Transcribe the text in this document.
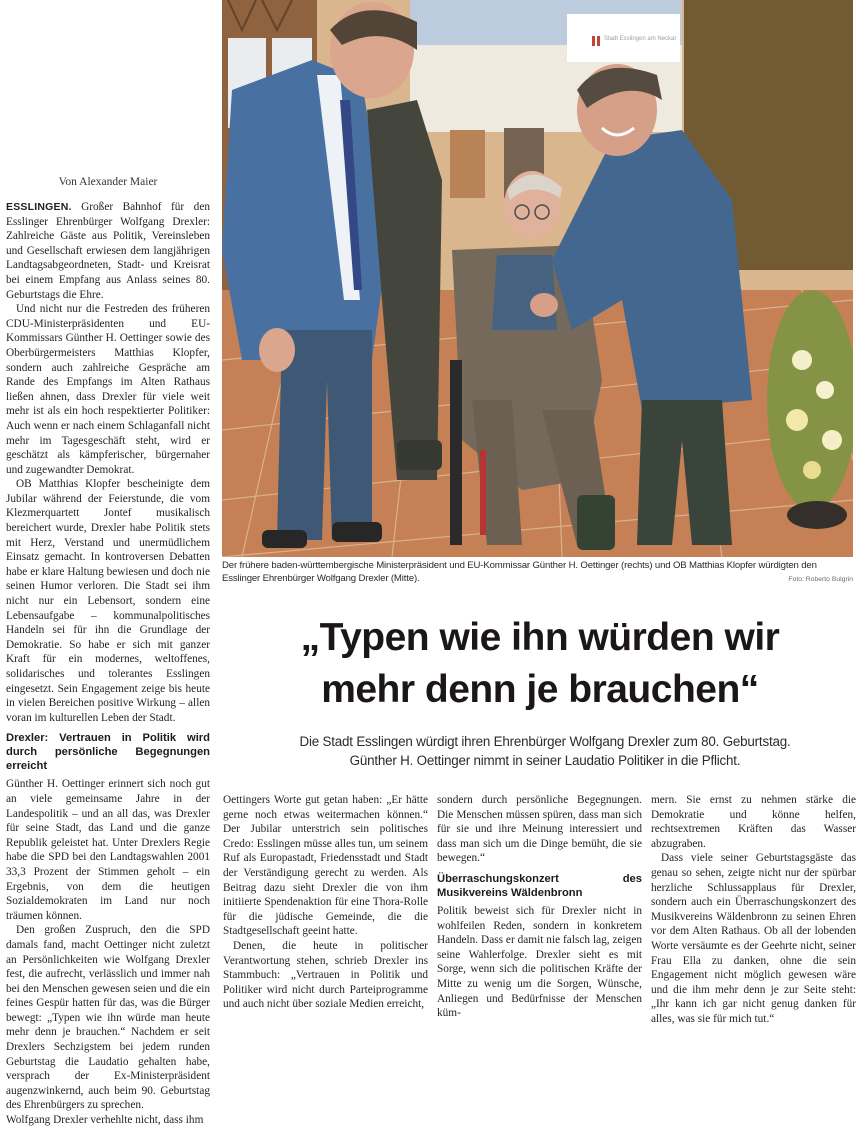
Von Alexander Maier

ESSLINGEN. Großer Bahnhof für den Esslinger Ehrenbürger Wolfgang Drexler: Zahlreiche Gäste aus Politik, Vereinsleben und Gesellschaft erwiesen dem langjährigen Landtagsabgeordneten, Stadt- und Kreisrat bei einem Empfang aus Anlass seines 80. Geburtstags die Ehre.

Und nicht nur die Festreden des früheren CDU-Ministerpräsidenten und EU-Kommissars Günther H. Oettinger sowie des Oberbürgermeisters Matthias Klopfer, sondern auch zahlreiche Gespräche am Rande des Empfangs im Alten Rathaus ließen ahnen, dass Drexler für viele weit mehr ist als ein hoch respektierter Politiker: Auch wenn er nach einem Schlaganfall nicht mehr im Tagesgeschäft steht, wird er geschätzt als kämpferischer, bürgernaher und zugewandter Demokrat.

OB Matthias Klopfer bescheinigte dem Jubilar während der Feierstunde, die vom Klezmerquartett Jontef musikalisch bereichert wurde, Drexler habe Politik stets mit Herz, Verstand und unermüdlichem Einsatz gemacht. In kontroversen Debatten habe er klare Haltung bewiesen und doch nie seinen Humor verloren. Die Stadt sei ihm nicht nur ein Lebensort, sondern eine Lebensaufgabe – kommunalpolitisches Handeln sei für ihn die Grundlage der Demokratie. So habe er sich mit ganzer Kraft für ein modernes, weltoffenes, solidarisches und tolerantes Esslingen eingesetzt. Sein Engagement zeige bis heute in vielen Bereichen positive Wirkung – allen voran im kulturellen Leben der Stadt.

Drexler: Vertrauen in Politik wird durch persönliche Begegnungen erreicht

Günther H. Oettinger erinnert sich noch gut an viele gemeinsame Jahre in der Landespolitik – und an all das, was Drexler für seine Stadt, das Land und die ganze Republik geleistet hat. Unter Drexlers Regie habe die SPD bei den Landtagswahlen 2001 33,3 Prozent der Stimmen geholt – ein Ergebnis, von dem die heutigen Sozialdemokraten im Land nur noch träumen können.

Den großen Zuspruch, den die SPD damals fand, macht Oettinger nicht zuletzt an Persönlichkeiten wie Wolfgang Drexler fest, die aufrecht, verlässlich und immer nah bei den Menschen gewesen seien und die ein feines Gespür hatten für das, was die Bürger bewegt: „Typen wie ihn würde man heute mehr denn je brauchen.“ Nachdem er seit Drexlers Sechzigstem bei jedem runden Geburtstag die Laudatio gehalten habe, versprach der Ex-Ministerpräsident augenzwinkernd, auch beim 90. Geburtstag des Ehrenbürgers zu sprechen.

Wolfgang Drexler verhehlte nicht, dass ihm

Stadt Esslingen am Neckar
Der frühere baden-württembergische Ministerpräsident und EU-Kommissar Günther H. Oettinger (rechts) und OB Matthias Klopfer würdigten den Esslinger Ehrenbürger Wolfgang Drexler (Mitte).	Foto: Roberto Bulgrin
„Typen wie ihn würden wir
mehr denn je brauchen“

Die Stadt Esslingen würdigt ihren Ehrenbürger Wolfgang Drexler zum 80. Geburtstag.
Günther H. Oettinger nimmt in seiner Laudatio Politiker in die Pflicht.

Oettingers Worte gut getan haben: „Er hätte gerne noch etwas weitermachen können.“ Der Jubilar unterstrich sein politisches Credo: Esslingen müsse alles tun, um seinem Ruf als Europastadt, Friedensstadt und Stadt der Verständigung gerecht zu werden. Als Beitrag dazu sieht Drexler die von ihm initiierte Spendenaktion für eine Thora-Rolle für die jüdische Gemeinde, die die Stadtgesellschaft geeint hatte.

Denen, die heute in politischer Verantwortung stehen, schrieb Drexler ins Stammbuch: „Vertrauen in Politik und Politiker wird nicht durch Parteiprogramme und auch nicht über soziale Medien erreicht,

sondern durch persönliche Begegnungen. Die Menschen müssen spüren, dass man sich für sie und ihre Meinung interessiert und dass man sich um die Dinge bemüht, die sie bewegen.“

Überraschungskonzert des Musikvereins Wäldenbronn

Politik beweist sich für Drexler nicht in wohlfeilen Reden, sondern in konkretem Handeln. Dass er damit nie falsch lag, zeigen seine Wahlerfolge. Drexler sieht es mit Sorge, wenn sich die politischen Kräfte der Mitte zu wenig um die Sorgen, Wünsche, Anliegen und Bedürfnisse der Menschen küm-

mern. Sie ernst zu nehmen stärke die Demokratie und könne helfen, rechtsextremen Kräften das Wasser abzugraben.

Dass viele seiner Geburtstagsgäste das genau so sehen, zeigte nicht nur der spürbar herzliche Schlussapplaus für Drexler, sondern auch ein Überraschungskonzert des Musikvereins Wäldenbronn zu seinen Ehren vor dem Alten Rathaus. Ob all der lobenden Worte versäumte es der Geehrte nicht, seiner Frau Ella zu danken, ohne die sein Engagement nicht möglich gewesen wäre und die ihm mehr denn je zur Seite steht: „Ihr kann ich gar nicht genug danken für alles, was sie für mich tut.“
